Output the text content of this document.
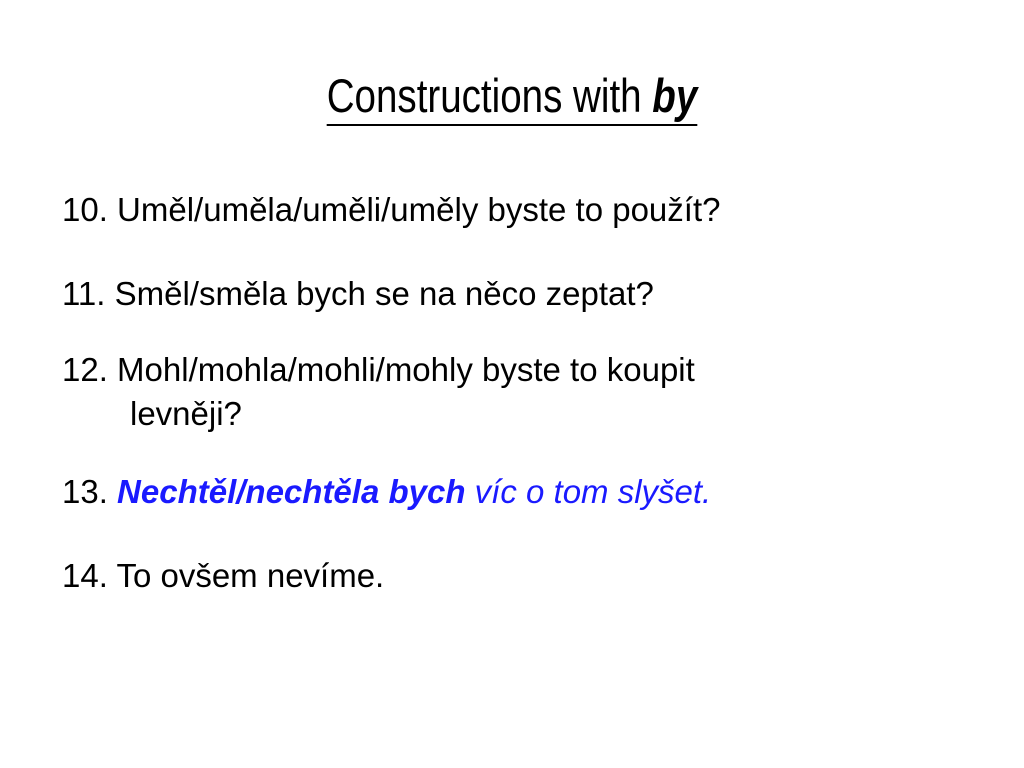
Constructions with by
10. Uměl/uměla/uměli/uměly byste to použít?
11. Směl/směla bych se na něco zeptat?
12. Mohl/mohla/mohli/mohly byste to koupit
levněji?
13. Nechtěl/nechtěla bych víc o tom slyšet.
14. To ovšem nevíme.
